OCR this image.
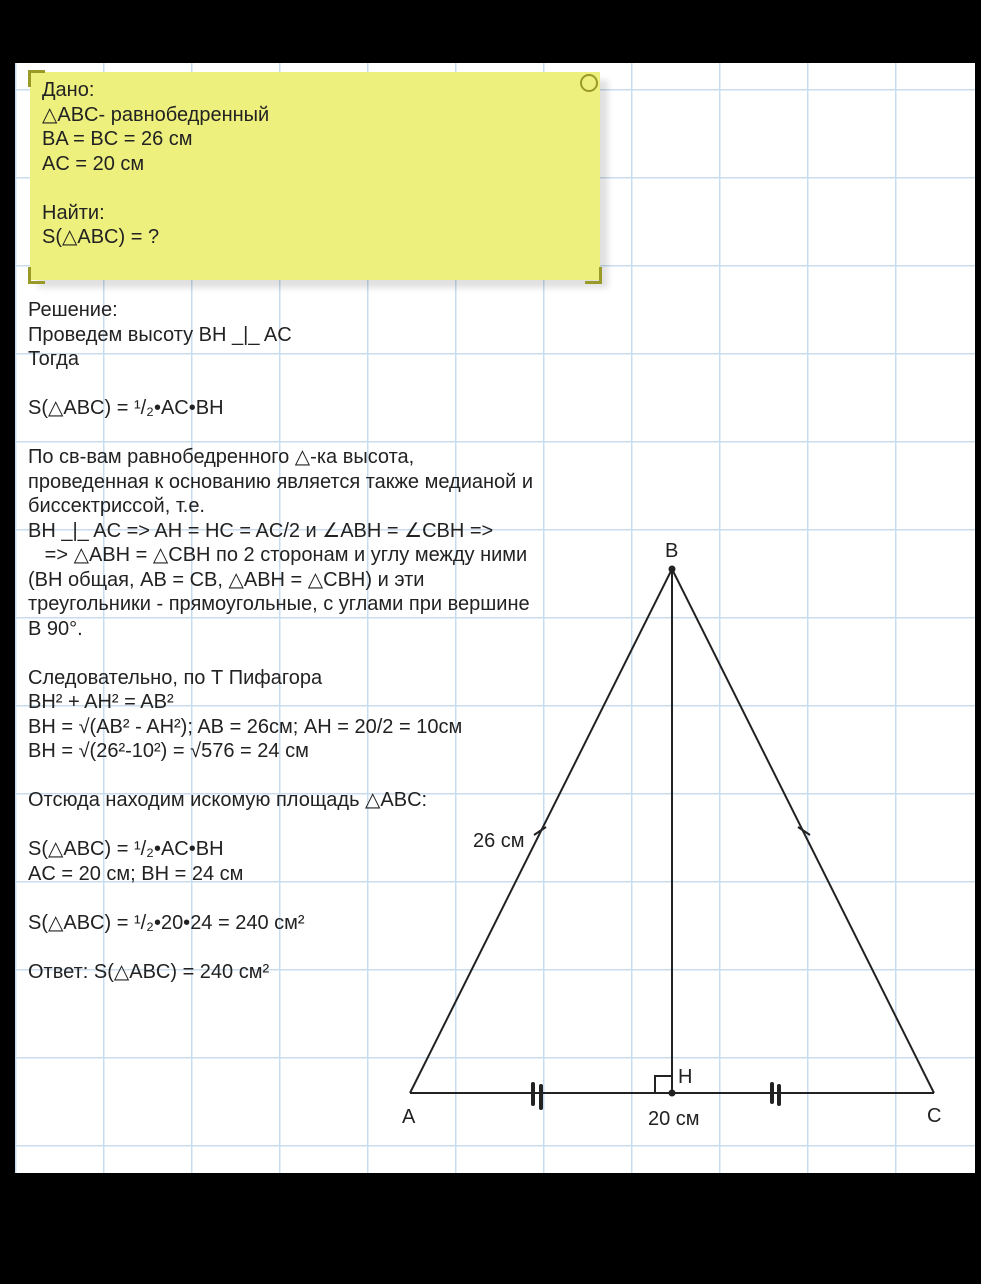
Дано:
△ABC- равнобедренный
BA = BC = 26 см
AC = 20 см
Найти:
S(△ABC) = ?
Решение:
Проведем высоту BH _|_ AC
Тогда
S(△ABC) = ¹/₂•AC•BH
По св-вам равнобедренного △-ка высота,
проведенная к основанию является также медианой и
биссектриссой, т.е.
BH _|_ AC => AH = HC = AC/2 и ∠ABH = ∠CBH =>
=> △ABH = △CBH по 2 сторонам и углу между ними
(BH общая, AB = CB, △ABH = △CBH) и эти
треугольники - прямоугольные, с углами при вершине
B 90°.
Следовательно, по Т Пифагора
BH² + AH² = AB²
BH = √(AB² - AH²); AB = 26см; AH = 20/2 = 10см
BH = √(26²-10²) = √576 = 24 см
Отсюда находим искомую площадь △ABC:
S(△ABC) = ¹/₂•AC•BH
AC = 20 см; BH = 24 см
S(△ABC) = ¹/₂•20•24 = 240 см²
Ответ: S(△ABC) = 240 см²
B
A	C
H
26 см
20 см
